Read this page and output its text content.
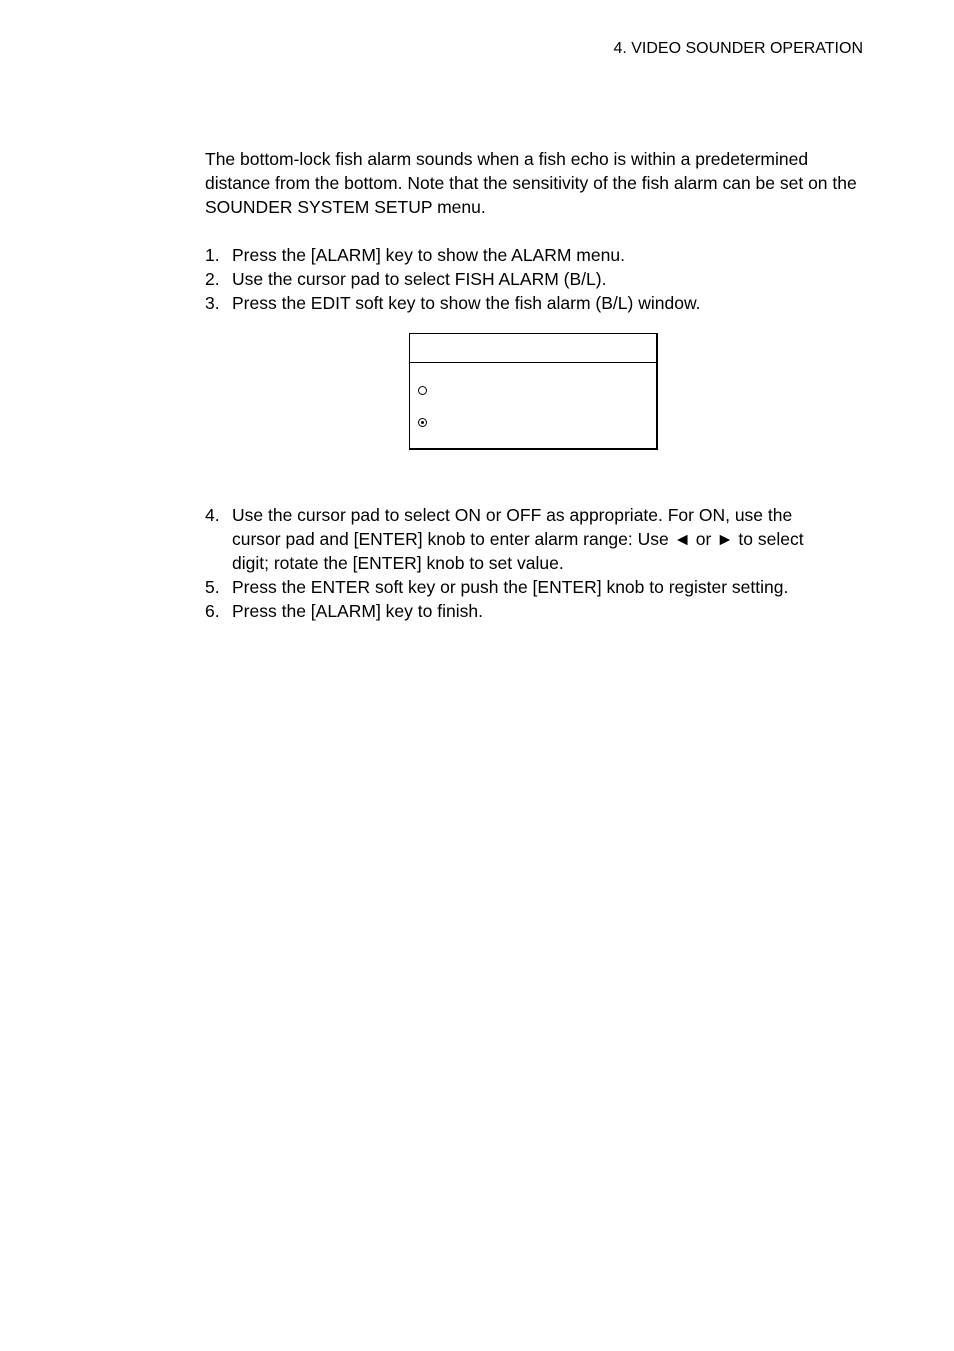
4. VIDEO SOUNDER OPERATION

The bottom-lock fish alarm sounds when a fish echo is within a predetermined distance from the bottom. Note that the sensitivity of the fish alarm can be set on the SOUNDER SYSTEM SETUP menu.

1. Press the [ALARM] key to show the ALARM menu.
2. Use the cursor pad to select FISH ALARM (B/L).
3. Press the EDIT soft key to show the fish alarm (B/L) window.
4. Use the cursor pad to select ON or OFF as appropriate. For ON, use the cursor pad and [ENTER] knob to enter alarm range: Use ◄ or ► to select digit; rotate the [ENTER] knob to set value.
5. Press the ENTER soft key or push the [ENTER] knob to register setting.
6. Press the [ALARM] key to finish.
